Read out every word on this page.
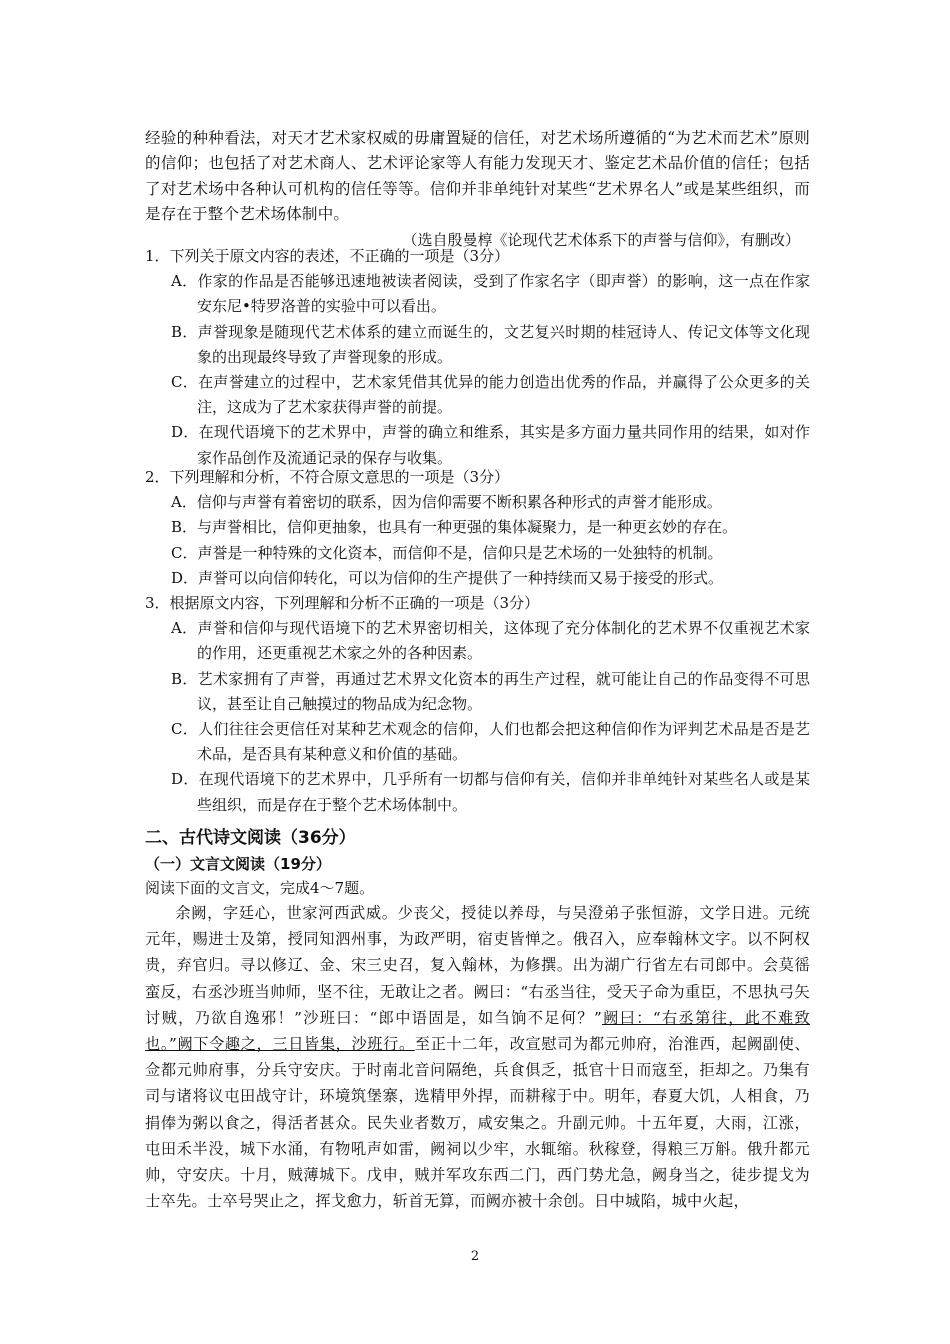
经验的种种看法，对天才艺术家权威的毋庸置疑的信任，对艺术场所遵循的“为艺术而艺术”原则的信仰；也包括了对艺术商人、艺术评论家等人有能力发现天才、鉴定艺术品价值的信任；包括了对艺术场中各种认可机构的信任等等。信仰并非单纯针对某些“艺术界名人”或是某些组织，而是存在于整个艺术场体制中。

（选自殷曼椁《论现代艺术体系下的声誉与信仰》，有删改）

1．下列关于原文内容的表述，不正确的一项是（3分）

A．作家的作品是否能够迅速地被读者阅读，受到了作家名字（即声誉）的影响，这一点在作家安东尼•特罗洛普的实验中可以看出。

B．声誉现象是随现代艺术体系的建立而诞生的，文艺复兴时期的桂冠诗人、传记文体等文化现象的出现最终导致了声誉现象的形成。

C．在声誉建立的过程中，艺术家凭借其优异的能力创造出优秀的作品，并赢得了公众更多的关注，这成为了艺术家获得声誉的前提。

D．在现代语境下的艺术界中，声誉的确立和维系，其实是多方面力量共同作用的结果，如对作家作品创作及流通记录的保存与收集。

2．下列理解和分析，不符合原文意思的一项是（3分）

A．信仰与声誉有着密切的联系，因为信仰需要不断积累各种形式的声誉才能形成。

B．与声誉相比，信仰更抽象，也具有一种更强的集体凝聚力，是一种更玄妙的存在。

C．声誉是一种特殊的文化资本，而信仰不是，信仰只是艺术场的一处独特的机制。

D．声誉可以向信仰转化，可以为信仰的生产提供了一种持续而又易于接受的形式。

3．根据原文内容，下列理解和分析不正确的一项是（3分）

A．声誉和信仰与现代语境下的艺术界密切相关，这体现了充分体制化的艺术界不仅重视艺术家的作用，还更重视艺术家之外的各种因素。

B．艺术家拥有了声誉，再通过艺术界文化资本的再生产过程，就可能让自己的作品变得不可思议，甚至让自己触摸过的物品成为纪念物。

C．人们往往会更信任对某种艺术观念的信仰，人们也都会把这种信仰作为评判艺术品是否是艺术品，是否具有某种意义和价值的基础。

D．在现代语境下的艺术界中，几乎所有一切都与信仰有关，信仰并非单纯针对某些名人或是某些组织，而是存在于整个艺术场体制中。

二、古代诗文阅读（36分）

（一）文言文阅读（19分）

阅读下面的文言文，完成4～7题。

余阙，字廷心，世家河西武威。少丧父，授徒以养母，与吴澄弟子张恒游，文学日进。元统元年，赐进士及第，授同知泗州事，为政严明，宿吏皆惮之。俄召入，应奉翰林文字。以不阿权贵，弃官归。寻以修辽、金、宋三史召，复入翰林，为修撰。出为湖广行省左右司郎中。会莫徭蛮反，右丞沙班当帅师，坚不往，无敢让之者。阙曰：“右丞当往，受天子命为重臣，不思执弓矢讨贼，乃欲自逸邪！”沙班曰：“郎中语固是，如刍饷不足何？”阙曰：“右丞第往，此不难致也。”阙下令趣之，三日皆集，沙班行。至正十二年，改宣慰司为都元帅府，治淮西，起阙副使、佥都元帅府事，分兵守安庆。于时南北音问隔绝，兵食俱乏，抵官十日而寇至，拒却之。乃集有司与诸将议屯田战守计，环境筑堡寨，选精甲外捍，而耕稼于中。明年，春夏大饥，人相食，乃捐俸为粥以食之，得活者甚众。民失业者数万，咸安集之。升副元帅。十五年夏，大雨，江涨，屯田禾半没，城下水涌，有物吼声如雷，阙祠以少牢，水辄缩。秋稼登，得粮三万斛。俄升都元帅，守安庆。十月，贼薄城下。戊申，贼并军攻东西二门，西门势尤急，阙身当之，徒步提戈为士卒先。士卒号哭止之，挥戈愈力，斩首无算，而阙亦被十余创。日中城陷，城中火起，

2
